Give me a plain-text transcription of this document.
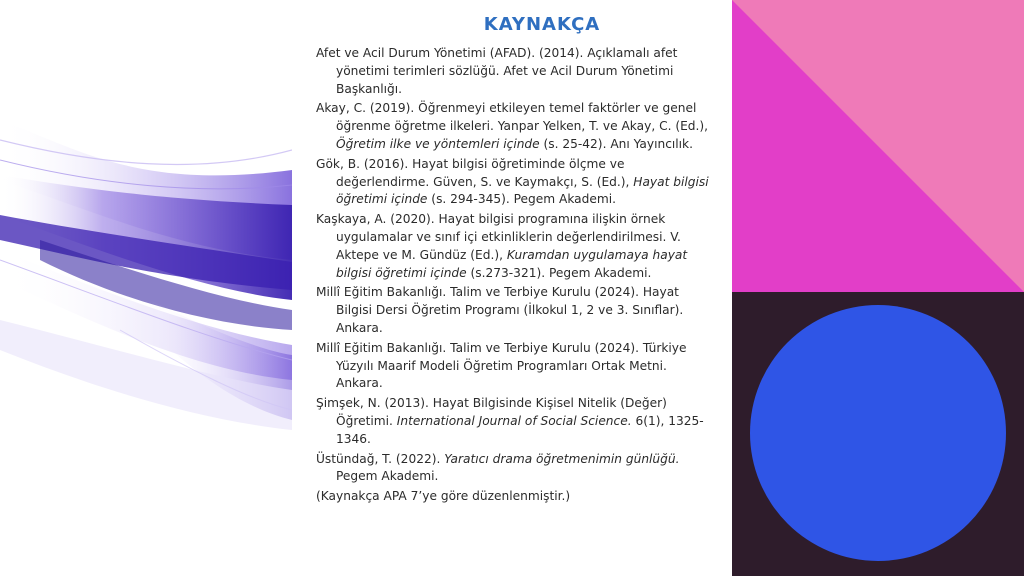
KAYNAKÇA
Afet ve Acil Durum Yönetimi (AFAD). (2014). Açıklamalı afet yönetimi terimleri sözlüğü. Afet ve Acil Durum Yönetimi Başkanlığı.
Akay, C. (2019). Öğrenmeyi etkileyen temel faktörler ve genel öğrenme öğretme ilkeleri. Yanpar Yelken, T. ve Akay, C. (Ed.), Öğretim ilke ve yöntemleri içinde (s. 25-42). Anı Yayıncılık.
Gök, B. (2016). Hayat bilgisi öğretiminde ölçme ve değerlendirme. Güven, S. ve Kaymakçı, S. (Ed.), Hayat bilgisi öğretimi içinde (s. 294-345). Pegem Akademi.
Kaşkaya, A. (2020). Hayat bilgisi programına ilişkin örnek uygulamalar ve sınıf içi etkinliklerin değerlendirilmesi. V. Aktepe ve M. Gündüz (Ed.), Kuramdan uygulamaya hayat bilgisi öğretimi içinde (s.273-321). Pegem Akademi.
Millî Eğitim Bakanlığı. Talim ve Terbiye Kurulu (2024). Hayat Bilgisi Dersi Öğretim Programı (İlkokul 1, 2 ve 3. Sınıflar). Ankara.
Millî Eğitim Bakanlığı. Talim ve Terbiye Kurulu (2024). Türkiye Yüzyılı Maarif Modeli Öğretim Programları Ortak Metni. Ankara.
Şimşek, N. (2013). Hayat Bilgisinde Kişisel Nitelik (Değer) Öğretimi. International Journal of Social Science. 6(1), 1325-1346.
Üstündağ, T. (2022). Yaratıcı drama öğretmenimin günlüğü. Pegem Akademi.
(Kaynakça APA 7’ye göre düzenlenmiştir.)
